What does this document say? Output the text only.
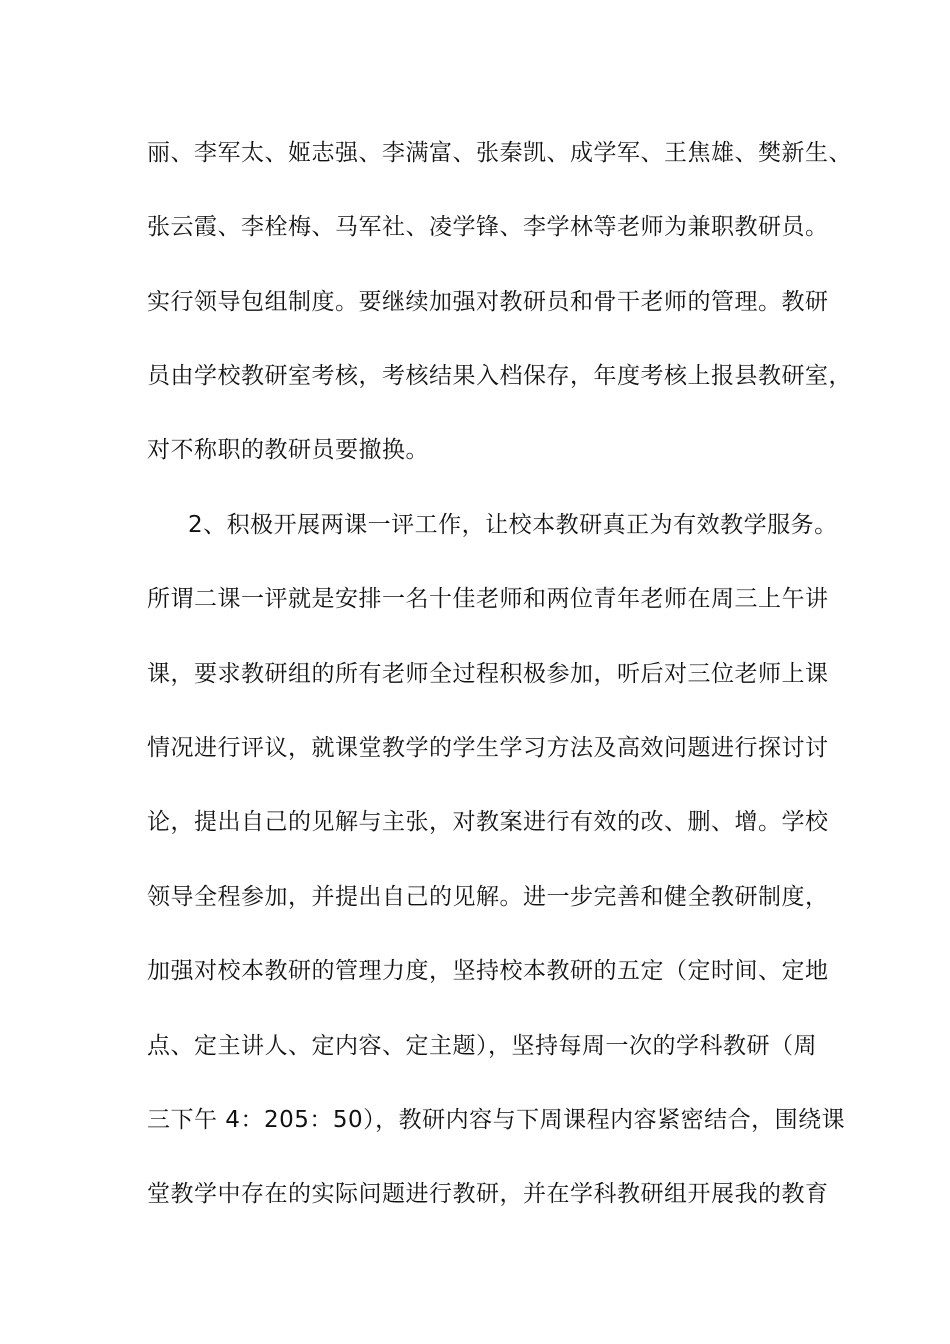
丽、李军太、姬志强、李满富、张秦凯、成学军、王焦雄、樊新生、
张云霞、李栓梅、马军社、凌学锋、李学林等老师为兼职教研员。
实行领导包组制度。要继续加强对教研员和骨干老师的管理。教研
员由学校教研室考核，考核结果入档保存，年度考核上报县教研室，
对不称职的教研员要撤换。
2、积极开展两课一评工作，让校本教研真正为有效教学服务。
所谓二课一评就是安排一名十佳老师和两位青年老师在周三上午讲
课，要求教研组的所有老师全过程积极参加，听后对三位老师上课
情况进行评议，就课堂教学的学生学习方法及高效问题进行探讨讨
论，提出自己的见解与主张，对教案进行有效的改、删、增。学校
领导全程参加，并提出自己的见解。进一步完善和健全教研制度，
加强对校本教研的管理力度，坚持校本教研的五定（定时间、定地
点、定主讲人、定内容、定主题），坚持每周一次的学科教研（周
三下午 4：205：50），教研内容与下周课程内容紧密结合，围绕课
堂教学中存在的实际问题进行教研，并在学科教研组开展我的教育
